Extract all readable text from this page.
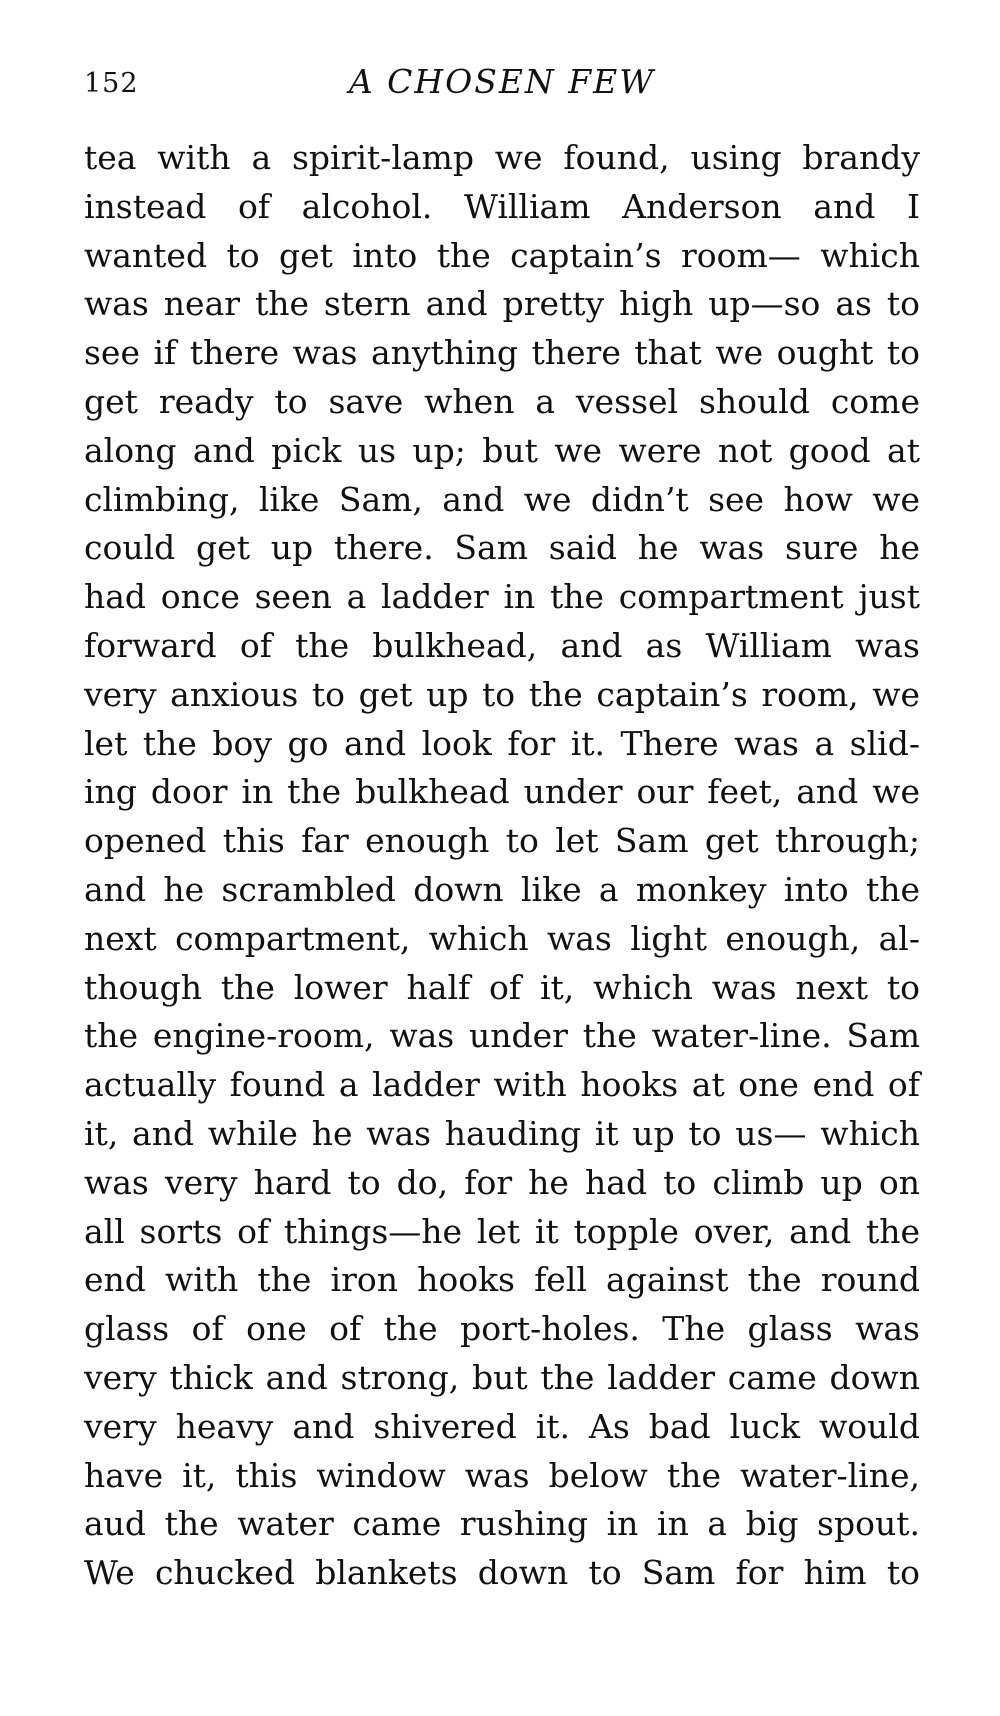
152	A CHOSEN FEW
tea with a spirit-lamp we found, using brandy
instead of alcohol. William Anderson and I
wanted to get into the captain’s room— which
was near the stern and pretty high up—so as to
see if there was anything there that we ought to
get ready to save when a vessel should come
along and pick us up; but we were not good at
climbing, like Sam, and we didn’t see how we
could get up there. Sam said he was sure he
had once seen a ladder in the compartment just
forward of the bulkhead, and as William was
very anxious to get up to the captain’s room, we
let the boy go and look for it. There was a slid-
ing door in the bulkhead under our feet, and we
opened this far enough to let Sam get through;
and he scrambled down like a monkey into the
next compartment, which was light enough, al-
though the lower half of it, which was next to
the engine-room, was under the water-line. Sam
actually found a ladder with hooks at one end of
it, and while he was hauding it up to us— which
was very hard to do, for he had to climb up on
all sorts of things—he let it topple over, and the
end with the iron hooks fell against the round
glass of one of the port-holes. The glass was
very thick and strong, but the ladder came down
very heavy and shivered it. As bad luck would
have it, this window was below the water-line,
aud the water came rushing in in a big spout.
We chucked blankets down to Sam for him to
